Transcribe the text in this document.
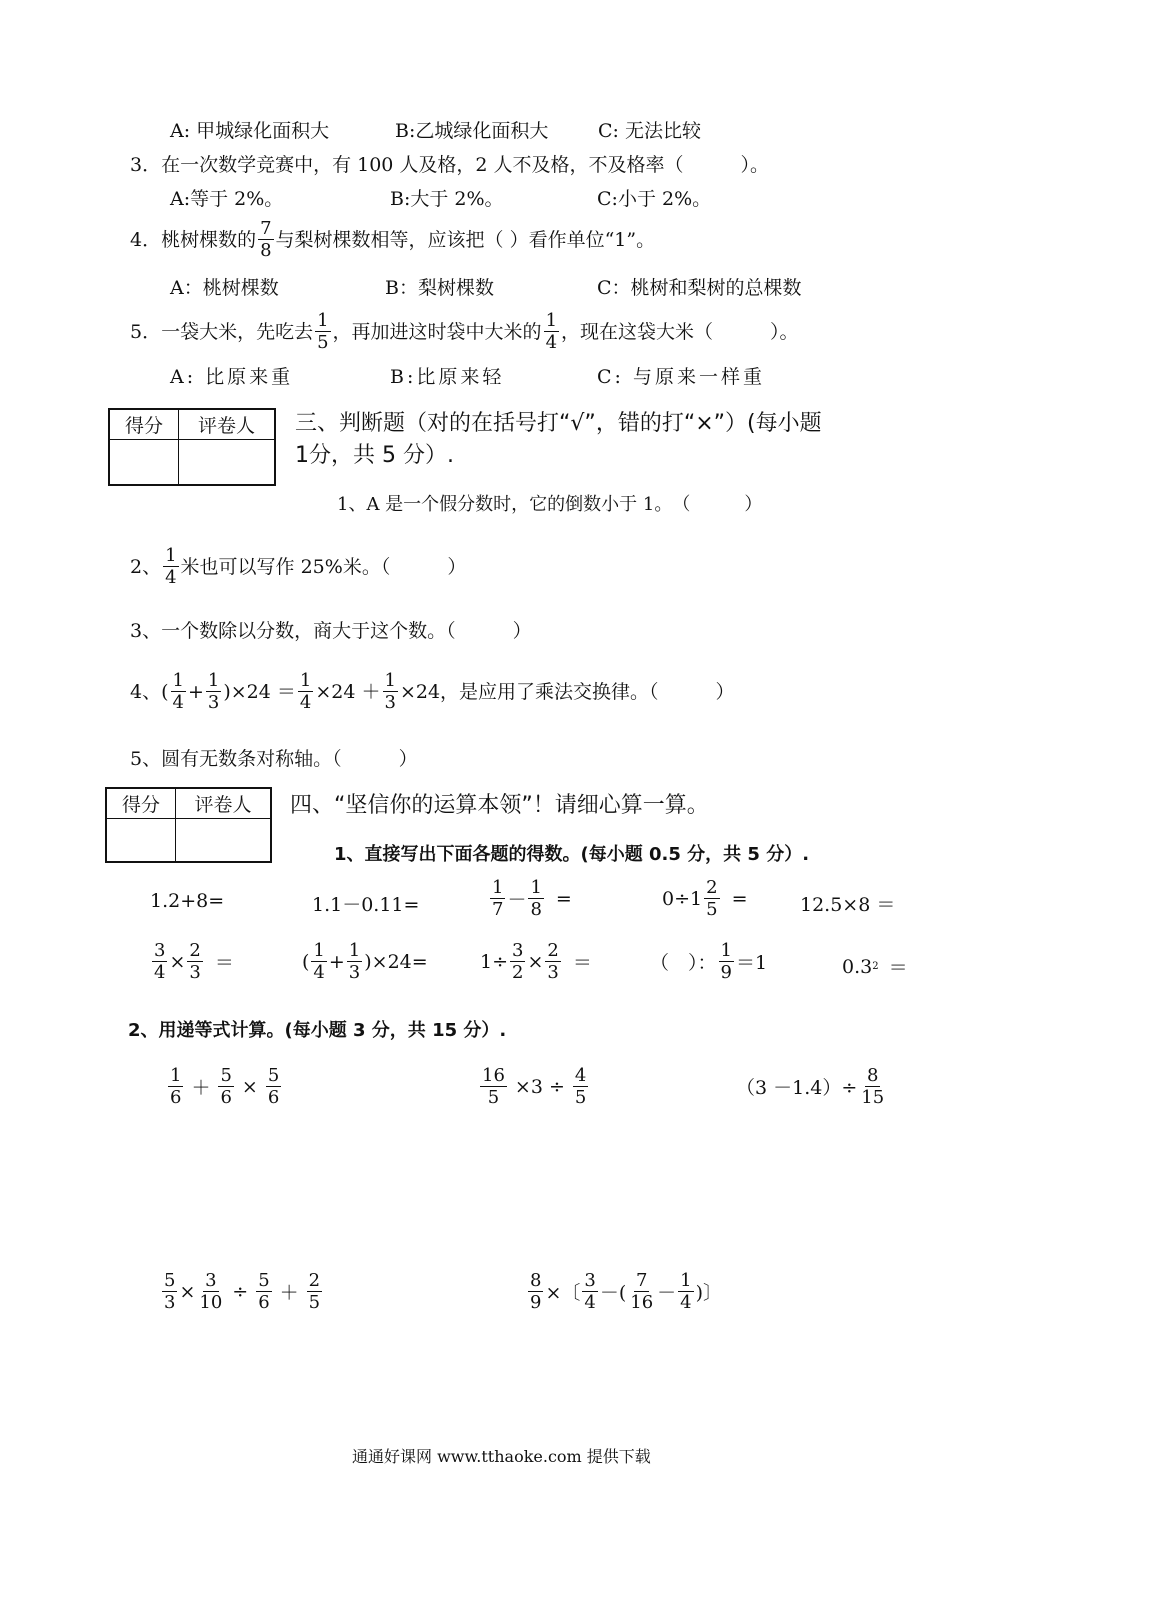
A: 甲城绿化面积大	B:乙城绿化面积大	C: 无法比较
3．在一次数学竞赛中，有 100 人及格，2 人不及格，不及格率（　　　）。
A:等于 2%。	B:大于 2%。	C:小于 2%。
4．桃树棵数的 $\frac{7}{8}$ 与梨树棵数相等，应该把（ ）看作单位“1”。
A：桃树棵数	B：梨树棵数	C：桃树和梨树的总棵数
5．一袋大米，先吃去 $\frac{1}{5}$ ，再加进这时袋中大米的 $\frac{1}{4}$ ，现在这袋大米（　　　）。
A: 比原来重	B:比原来轻	C: 与原来一样重
得分	评卷人
	三、判断题（对的在括号打“√”，错的打“×”）(每小题
1分，共 5 分）.
1、A 是一个假分数时，它的倒数小于 1。　（　　　）
2、 $\frac{1}{4}$ 米也可以写作 25%米。（　　　）
3、一个数除以分数，商大于这个数。（　　　）
4、 ( $\frac{1}{4} + \frac{1}{3} )\times 24 = \frac{1}{4} \times 24 + \frac{1}{3} \times 24$，是应用了乘法交换律。（　　　）
5、圆有无数条对称轴。（　　　）
得分	评卷人
	四、“坚信你的运算本领”！请细心算一算。
1、直接写出下面各题的得数。(每小题 0.5 分，共 5 分）.
1.2+8=	1.1－0.11=	$\frac{1}{7} - \frac{1}{8}$ =	$0\div 1 \frac{2}{5}$ =	12.5×8 ＝
$\frac{3}{4} \times \frac{2}{3}$ ＝	( $\frac{1}{4} + \frac{1}{3}$ ) ×24=	$1\div \frac{3}{2} \times \frac{2}{3}$ ＝	（　）： $\frac{1}{9} =1$	0.3 2 ＝
2、用递等式计算。(每小题 3 分，共 15 分）.
$\frac{1}{6} + \frac{5}{6} \times \frac{5}{6}$	$\frac{16}{5} \times 3 \div \frac{4}{5}$	$(3 -1.4)\div \frac{8}{15}$
$\frac{5}{3} \times \frac{3}{10} \div \frac{5}{6} + \frac{2}{5}$	$\frac{8}{9}$ ×〔 $\frac{3}{4}$ －( $\frac{7}{16} - \frac{1}{4}$ )〕
通通好课网 www.tthaoke.com 提供下载
